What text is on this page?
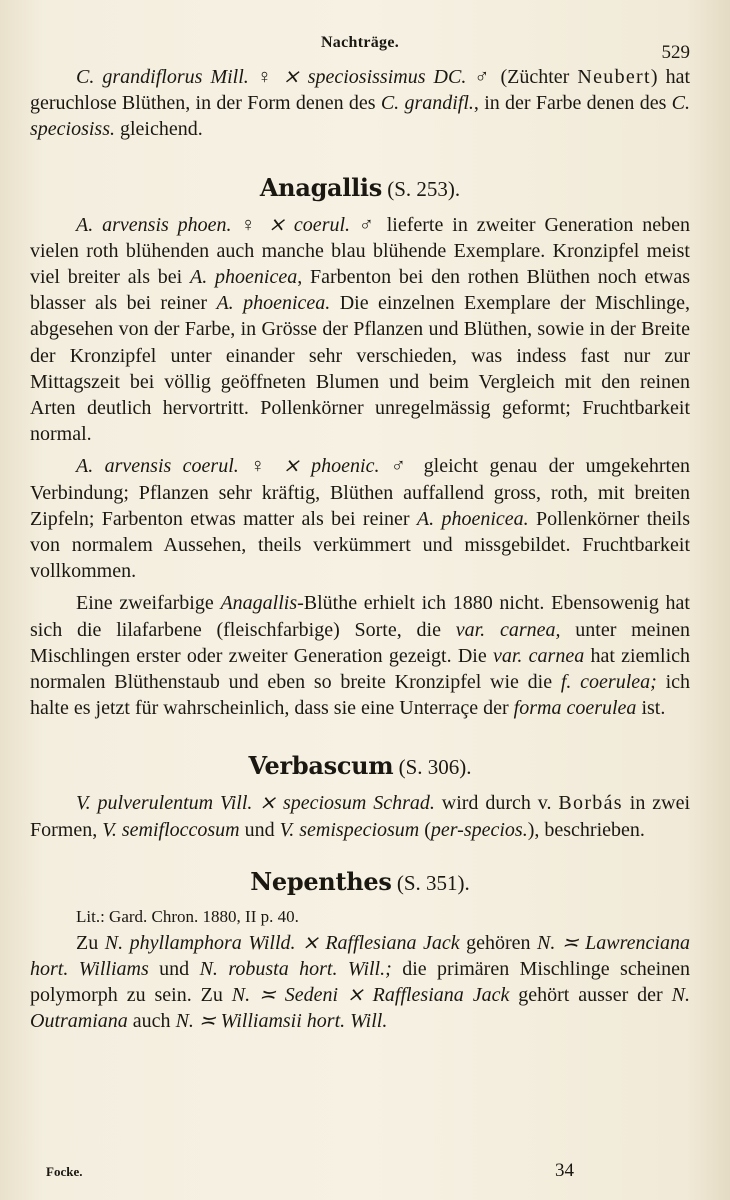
Nachträge.	529

C. grandiflorus Mill. ♀ ⨯ speciosissimus DC. ♂ (Züchter Neubert) hat geruchlose Blüthen, in der Form denen des C. grandifl., in der Farbe denen des C. speciosiss. gleichend.

Anagallis (S. 253).

A. arvensis phoen. ♀ ⨯ coerul. ♂ lieferte in zweiter Generation neben vielen roth blühenden auch manche blau blühende Exemplare. Kronzipfel meist viel breiter als bei A. phoenicea, Farbenton bei den rothen Blüthen noch etwas blasser als bei reiner A. phoenicea. Die einzelnen Exemplare der Mischlinge, abgesehen von der Farbe, in Grösse der Pflanzen und Blüthen, sowie in der Breite der Kronzipfel unter einander sehr verschieden, was indess fast nur zur Mittagszeit bei völlig geöffneten Blumen und beim Vergleich mit den reinen Arten deutlich hervortritt. Pollenkörner unregelmässig geformt; Fruchtbarkeit normal.

A. arvensis coerul. ♀ ⨯ phoenic. ♂ gleicht genau der umgekehrten Verbindung; Pflanzen sehr kräftig, Blüthen auffallend gross, roth, mit breiten Zipfeln; Farbenton etwas matter als bei reiner A. phoenicea. Pollenkörner theils von normalem Aussehen, theils verkümmert und missgebildet. Fruchtbarkeit vollkommen.

Eine zweifarbige Anagallis-Blüthe erhielt ich 1880 nicht. Ebensowenig hat sich die lilafarbene (fleischfarbige) Sorte, die var. carnea, unter meinen Mischlingen erster oder zweiter Generation gezeigt. Die var. carnea hat ziemlich normalen Blüthenstaub und eben so breite Kronzipfel wie die f. coerulea; ich halte es jetzt für wahrscheinlich, dass sie eine Unterraçe der forma coerulea ist.

Verbascum (S. 306).

V. pulverulentum Vill. ⨯ speciosum Schrad. wird durch v. Borbás in zwei Formen, V. semifloccosum und V. semispeciosum (per-specios.), beschrieben.

Nepenthes (S. 351).
Lit.: Gard. Chron. 1880, II p. 40.

Zu N. phyllamphora Willd. ⨯ Rafflesiana Jack gehören N. ≍ Lawrenciana hort. Williams und N. robusta hort. Will.; die primären Mischlinge scheinen polymorph zu sein. Zu N. ≍ Sedeni ⨯ Rafflesiana Jack gehört ausser der N. Outramiana auch N. ≍ Williamsii hort. Will.

Focke.	34
